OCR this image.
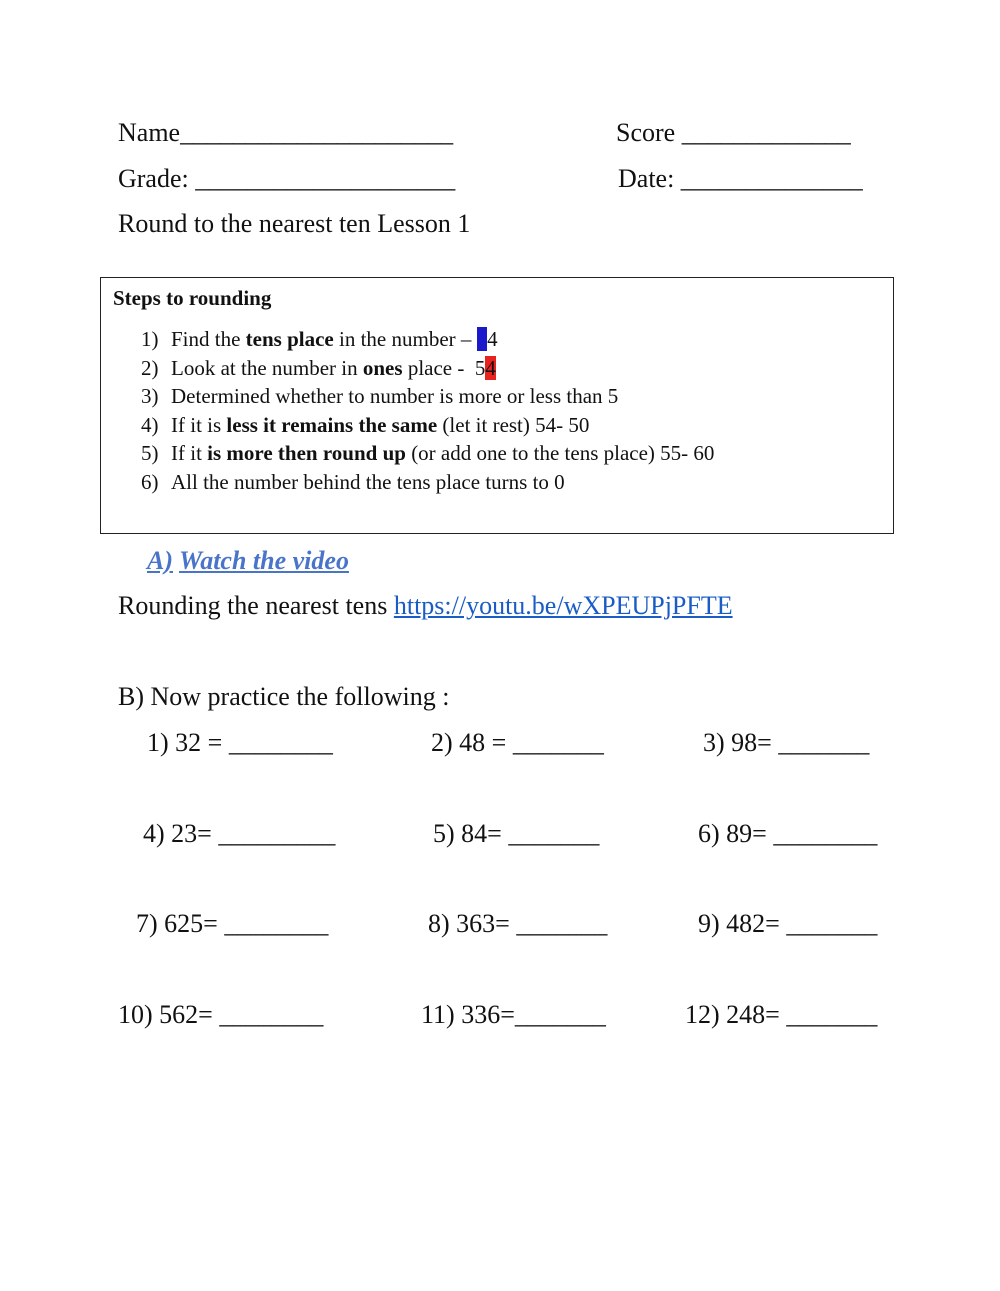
Name_____________________	Score _____________
Grade: ____________________	Date: ______________
Round to the nearest ten Lesson 1
Steps to rounding
1) Find the tens place in the number – 54
2) Look at the number in ones place -  54
3) Determined whether to number is more or less than 5
4) If it is less it remains the same (let it rest) 54- 50
5) If it is more then round up (or add one to the tens place) 55- 60
6) All the number behind the tens place turns to 0
A) Watch the video
Rounding the nearest tens https://youtu.be/wXPEUPjPFTE
B) Now practice the following :
1) 32 = ________	2) 48 = _______	3) 98= _______
4) 23= _________	5) 84= _______	6) 89= ________
7) 625= ________	8) 363= _______	9) 482= _______
10) 562= ________	11) 336=_______	12) 248= _______
